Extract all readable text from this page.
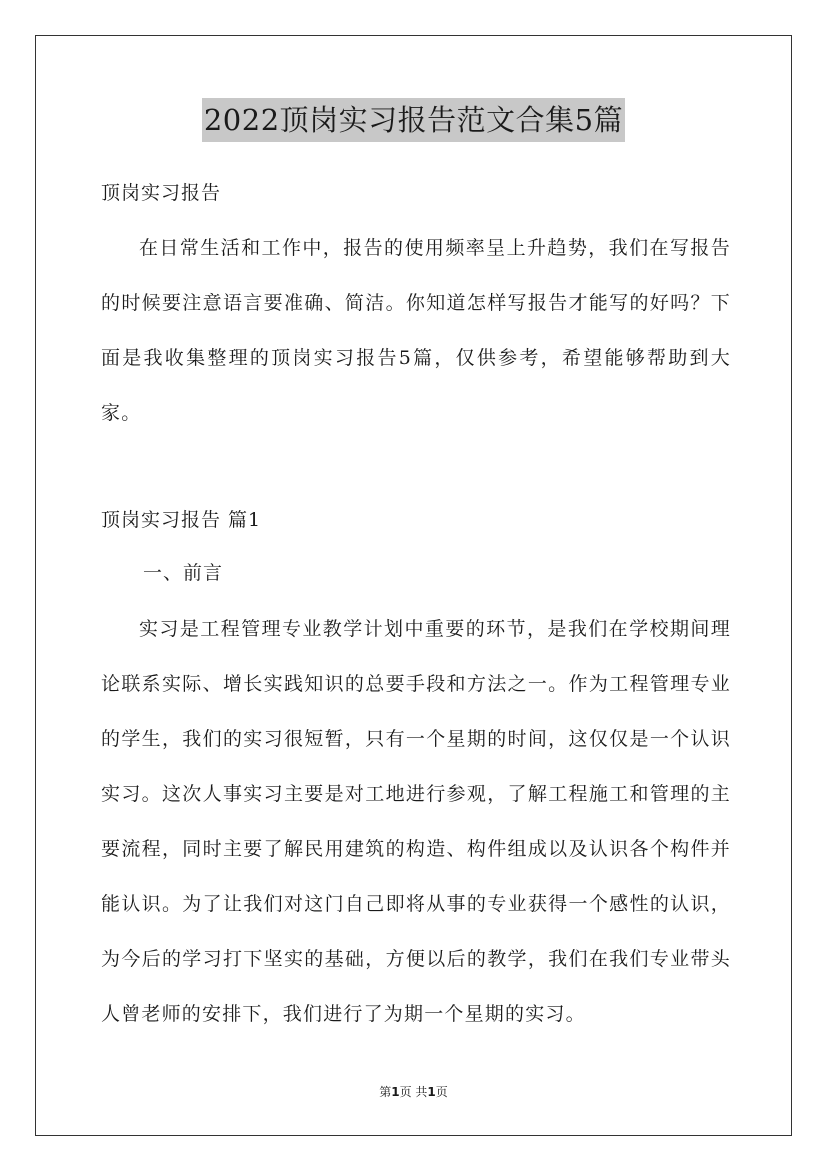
2022顶岗实习报告范文合集5篇
顶岗实习报告

在日常生活和工作中，报告的使用频率呈上升趋势，我们在写报告的时候要注意语言要准确、简洁。你知道怎样写报告才能写的好吗？下面是我收集整理的顶岗实习报告5篇，仅供参考，希望能够帮助到大家。

顶岗实习报告 篇1
一、前言

实习是工程管理专业教学计划中重要的环节，是我们在学校期间理论联系实际、增长实践知识的总要手段和方法之一。作为工程管理专业的学生，我们的实习很短暂，只有一个星期的时间，这仅仅是一个认识实习。这次人事实习主要是对工地进行参观，了解工程施工和管理的主要流程，同时主要了解民用建筑的构造、构件组成以及认识各个构件并能认识。为了让我们对这门自己即将从事的专业获得一个感性的认识，为今后的学习打下坚实的基础，方便以后的教学，我们在我们专业带头人曾老师的安排下，我们进行了为期一个星期的实习。

第1页 共1页
